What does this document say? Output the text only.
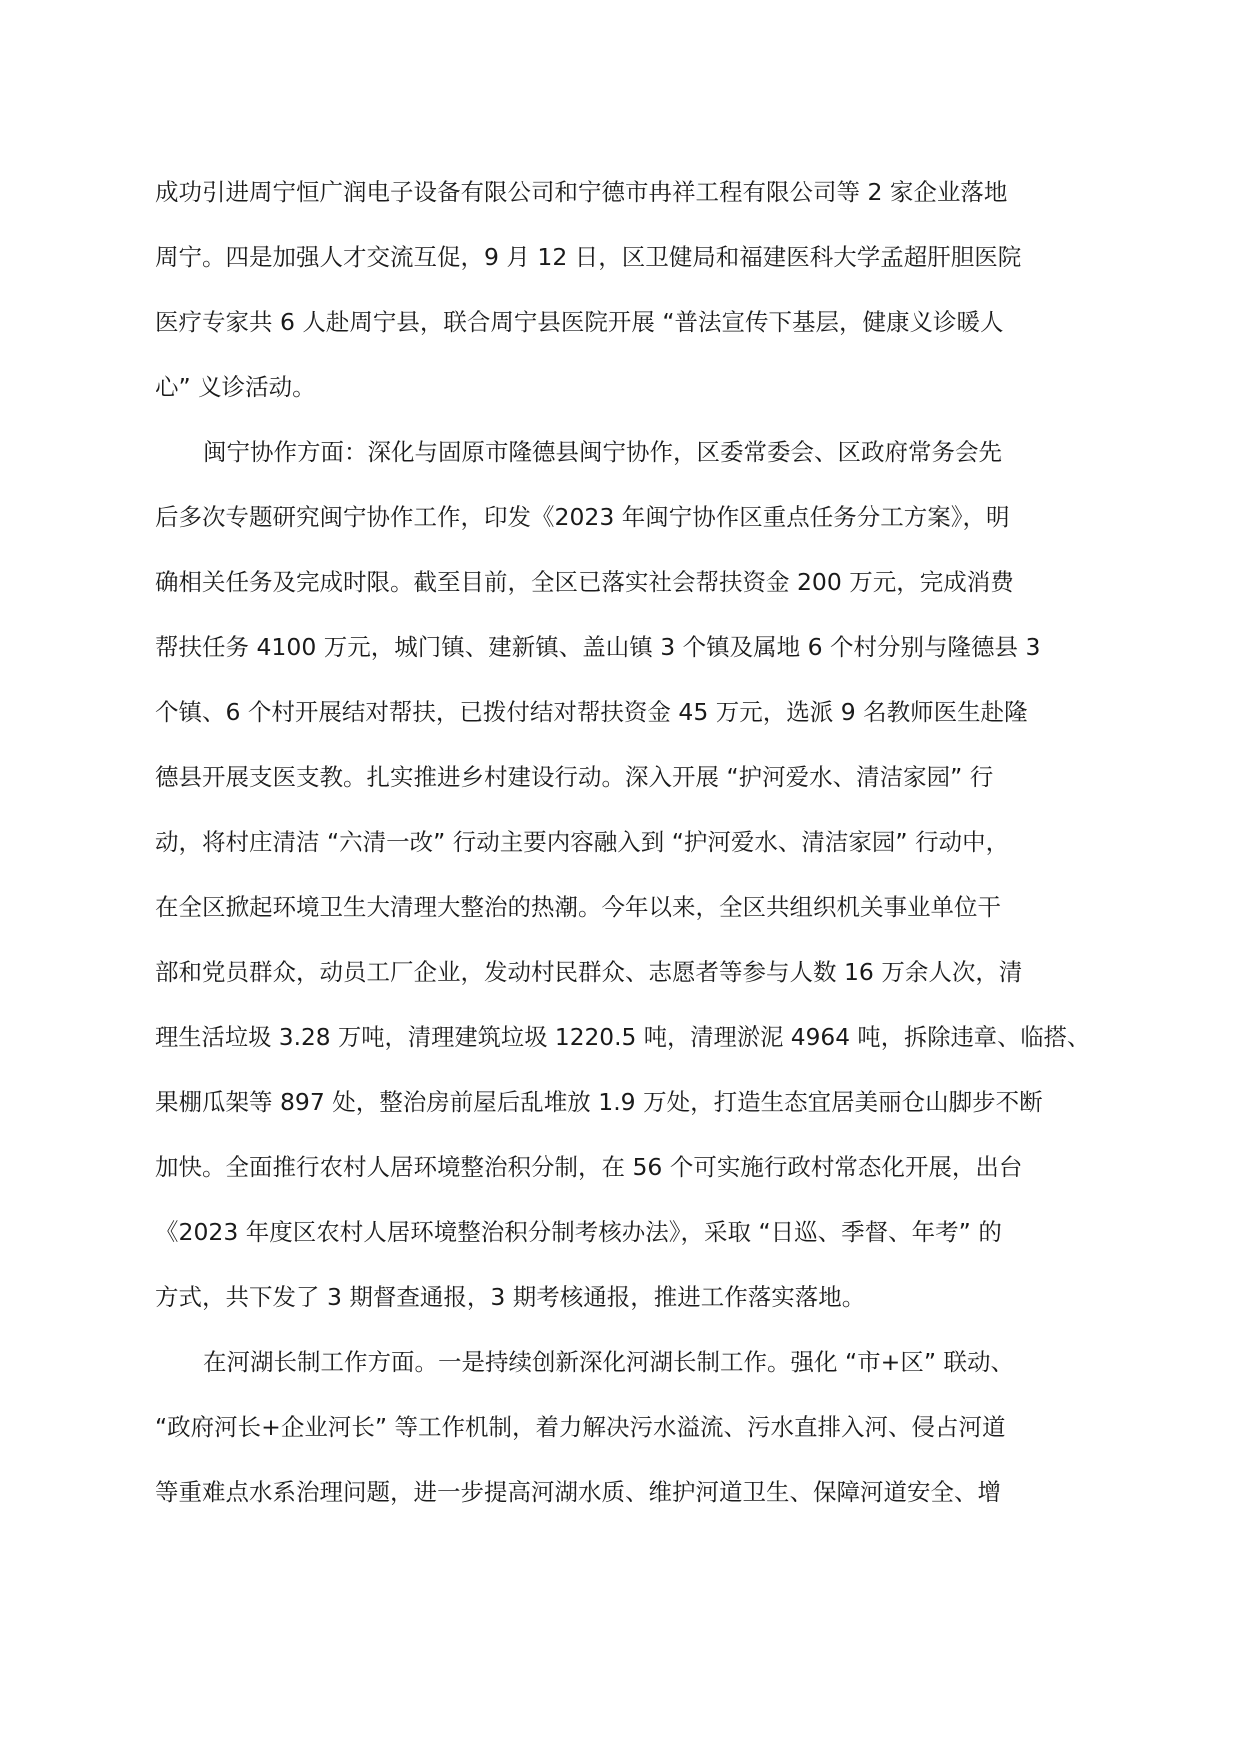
成功引进周宁恒广润电子设备有限公司和宁德市冉祥工程有限公司等 2 家企业落地

周宁。四是加强人才交流互促，9 月 12 日，区卫健局和福建医科大学孟超肝胆医院

医疗专家共 6 人赴周宁县，联合周宁县医院开展 “普法宣传下基层，健康义诊暖人

心” 义诊活动。

闽宁协作方面：深化与固原市隆德县闽宁协作，区委常委会、区政府常务会先

后多次专题研究闽宁协作工作，印发《2023 年闽宁协作区重点任务分工方案》，明

确相关任务及完成时限。截至目前，全区已落实社会帮扶资金 200 万元，完成消费

帮扶任务 4100 万元，城门镇、建新镇、盖山镇 3 个镇及属地 6 个村分别与隆德县 3

个镇、6 个村开展结对帮扶，已拨付结对帮扶资金 45 万元，选派 9 名教师医生赴隆

德县开展支医支教。扎实推进乡村建设行动。深入开展 “护河爱水、清洁家园” 行

动，将村庄清洁 “六清一改” 行动主要内容融入到 “护河爱水、清洁家园” 行动中，

在全区掀起环境卫生大清理大整治的热潮。今年以来，全区共组织机关事业单位干

部和党员群众，动员工厂企业，发动村民群众、志愿者等参与人数 16 万余人次，清

理生活垃圾 3.28 万吨，清理建筑垃圾 1220.5 吨，清理淤泥 4964 吨，拆除违章、临搭、

果棚瓜架等 897 处，整治房前屋后乱堆放 1.9 万处，打造生态宜居美丽仓山脚步不断

加快。全面推行农村人居环境整治积分制，在 56 个可实施行政村常态化开展，出台

《2023 年度区农村人居环境整治积分制考核办法》，采取 “日巡、季督、年考” 的

方式，共下发了 3 期督查通报，3 期考核通报，推进工作落实落地。

在河湖长制工作方面。一是持续创新深化河湖长制工作。强化 “市+区” 联动、

“政府河长+企业河长” 等工作机制，着力解决污水溢流、污水直排入河、侵占河道

等重难点水系治理问题，进一步提高河湖水质、维护河道卫生、保障河道安全、增
